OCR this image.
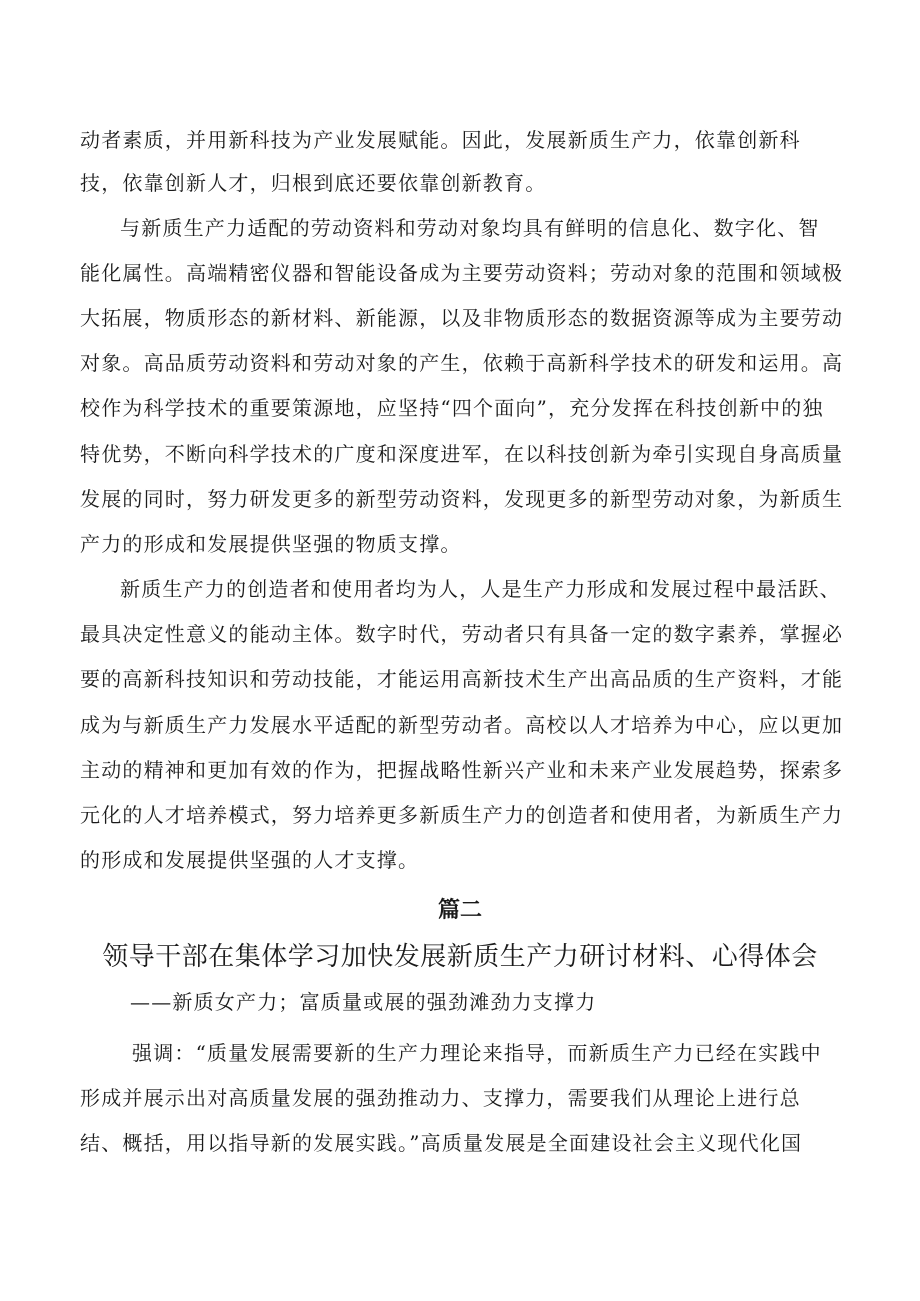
动者素质，并用新科技为产业发展赋能。因此，发展新质生产力，依靠创新科
技，依靠创新人才，归根到底还要依靠创新教育。
与新质生产力适配的劳动资料和劳动对象均具有鲜明的信息化、数字化、智
能化属性。高端精密仪器和智能设备成为主要劳动资料；劳动对象的范围和领域极
大拓展，物质形态的新材料、新能源，以及非物质形态的数据资源等成为主要劳动
对象。高品质劳动资料和劳动对象的产生，依赖于高新科学技术的研发和运用。高
校作为科学技术的重要策源地，应坚持“四个面向”，充分发挥在科技创新中的独
特优势，不断向科学技术的广度和深度进军，在以科技创新为牵引实现自身高质量
发展的同时，努力研发更多的新型劳动资料，发现更多的新型劳动对象，为新质生
产力的形成和发展提供坚强的物质支撑。
新质生产力的创造者和使用者均为人，人是生产力形成和发展过程中最活跃、
最具决定性意义的能动主体。数字时代，劳动者只有具备一定的数字素养，掌握必
要的高新科技知识和劳动技能，才能运用高新技术生产出高品质的生产资料，才能
成为与新质生产力发展水平适配的新型劳动者。高校以人才培养为中心，应以更加
主动的精神和更加有效的作为，把握战略性新兴产业和未来产业发展趋势，探索多
元化的人才培养模式，努力培养更多新质生产力的创造者和使用者，为新质生产力
的形成和发展提供坚强的人才支撑。
篇二
领导干部在集体学习加快发展新质生产力研讨材料、心得体会
——新质女产力；富质量或展的强劲滩劲力支撑力
强调：“质量发展需要新的生产力理论来指导，而新质生产力已经在实践中
形成并展示出对高质量发展的强劲推动力、支撑力，需要我们从理论上进行总
结、概括，用以指导新的发展实践。”高质量发展是全面建设社会主义现代化国
